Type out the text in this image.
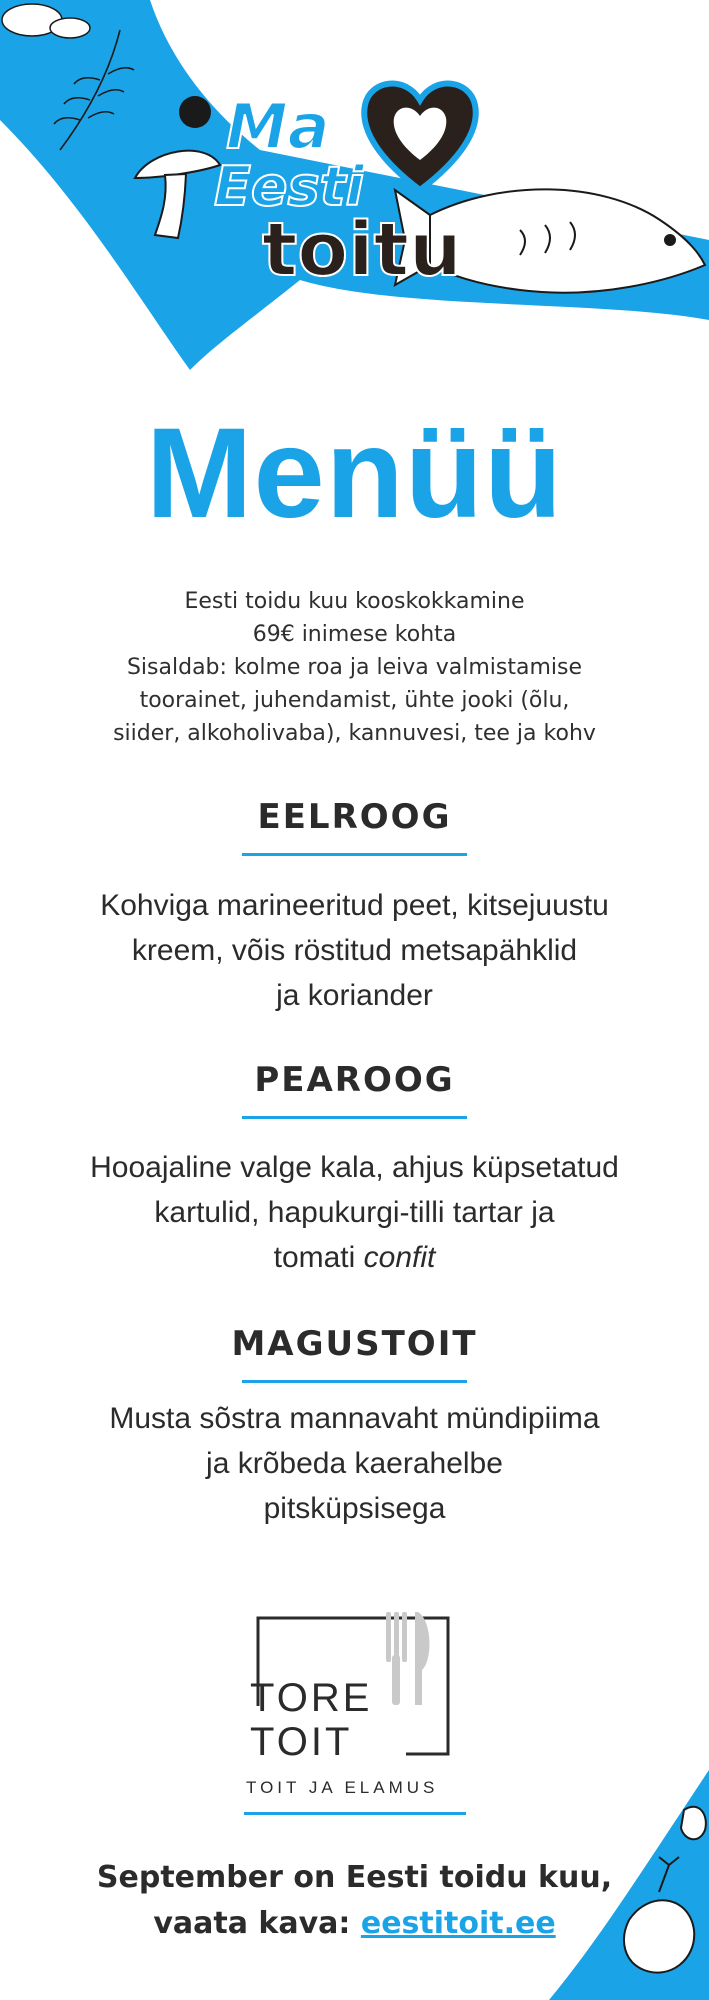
Ma
Eesti
toitu
Menüü
Eesti toidu kuu kooskokkamine
69€ inimese kohta
Sisaldab: kolme roa ja leiva valmistamise
toorainet, juhendamist, ühte jooki (õlu,
siider, alkoholivaba), kannuvesi, tee ja kohv
EELROOG
Kohviga marineeritud peet, kitsejuustu
kreem, võis röstitud metsapähklid
ja koriander
PEAROOG
Hooajaline valge kala, ahjus küpsetatud
kartulid, hapukurgi-tilli tartar ja
tomati confit
MAGUSTOIT
Musta sõstra mannavaht mündipiima
ja krõbeda kaerahelbe
pitsküpsisega
TORE
TOIT
TOIT JA ELAMUS
September on Eesti toidu kuu,
vaata kava: eestitoit.ee
